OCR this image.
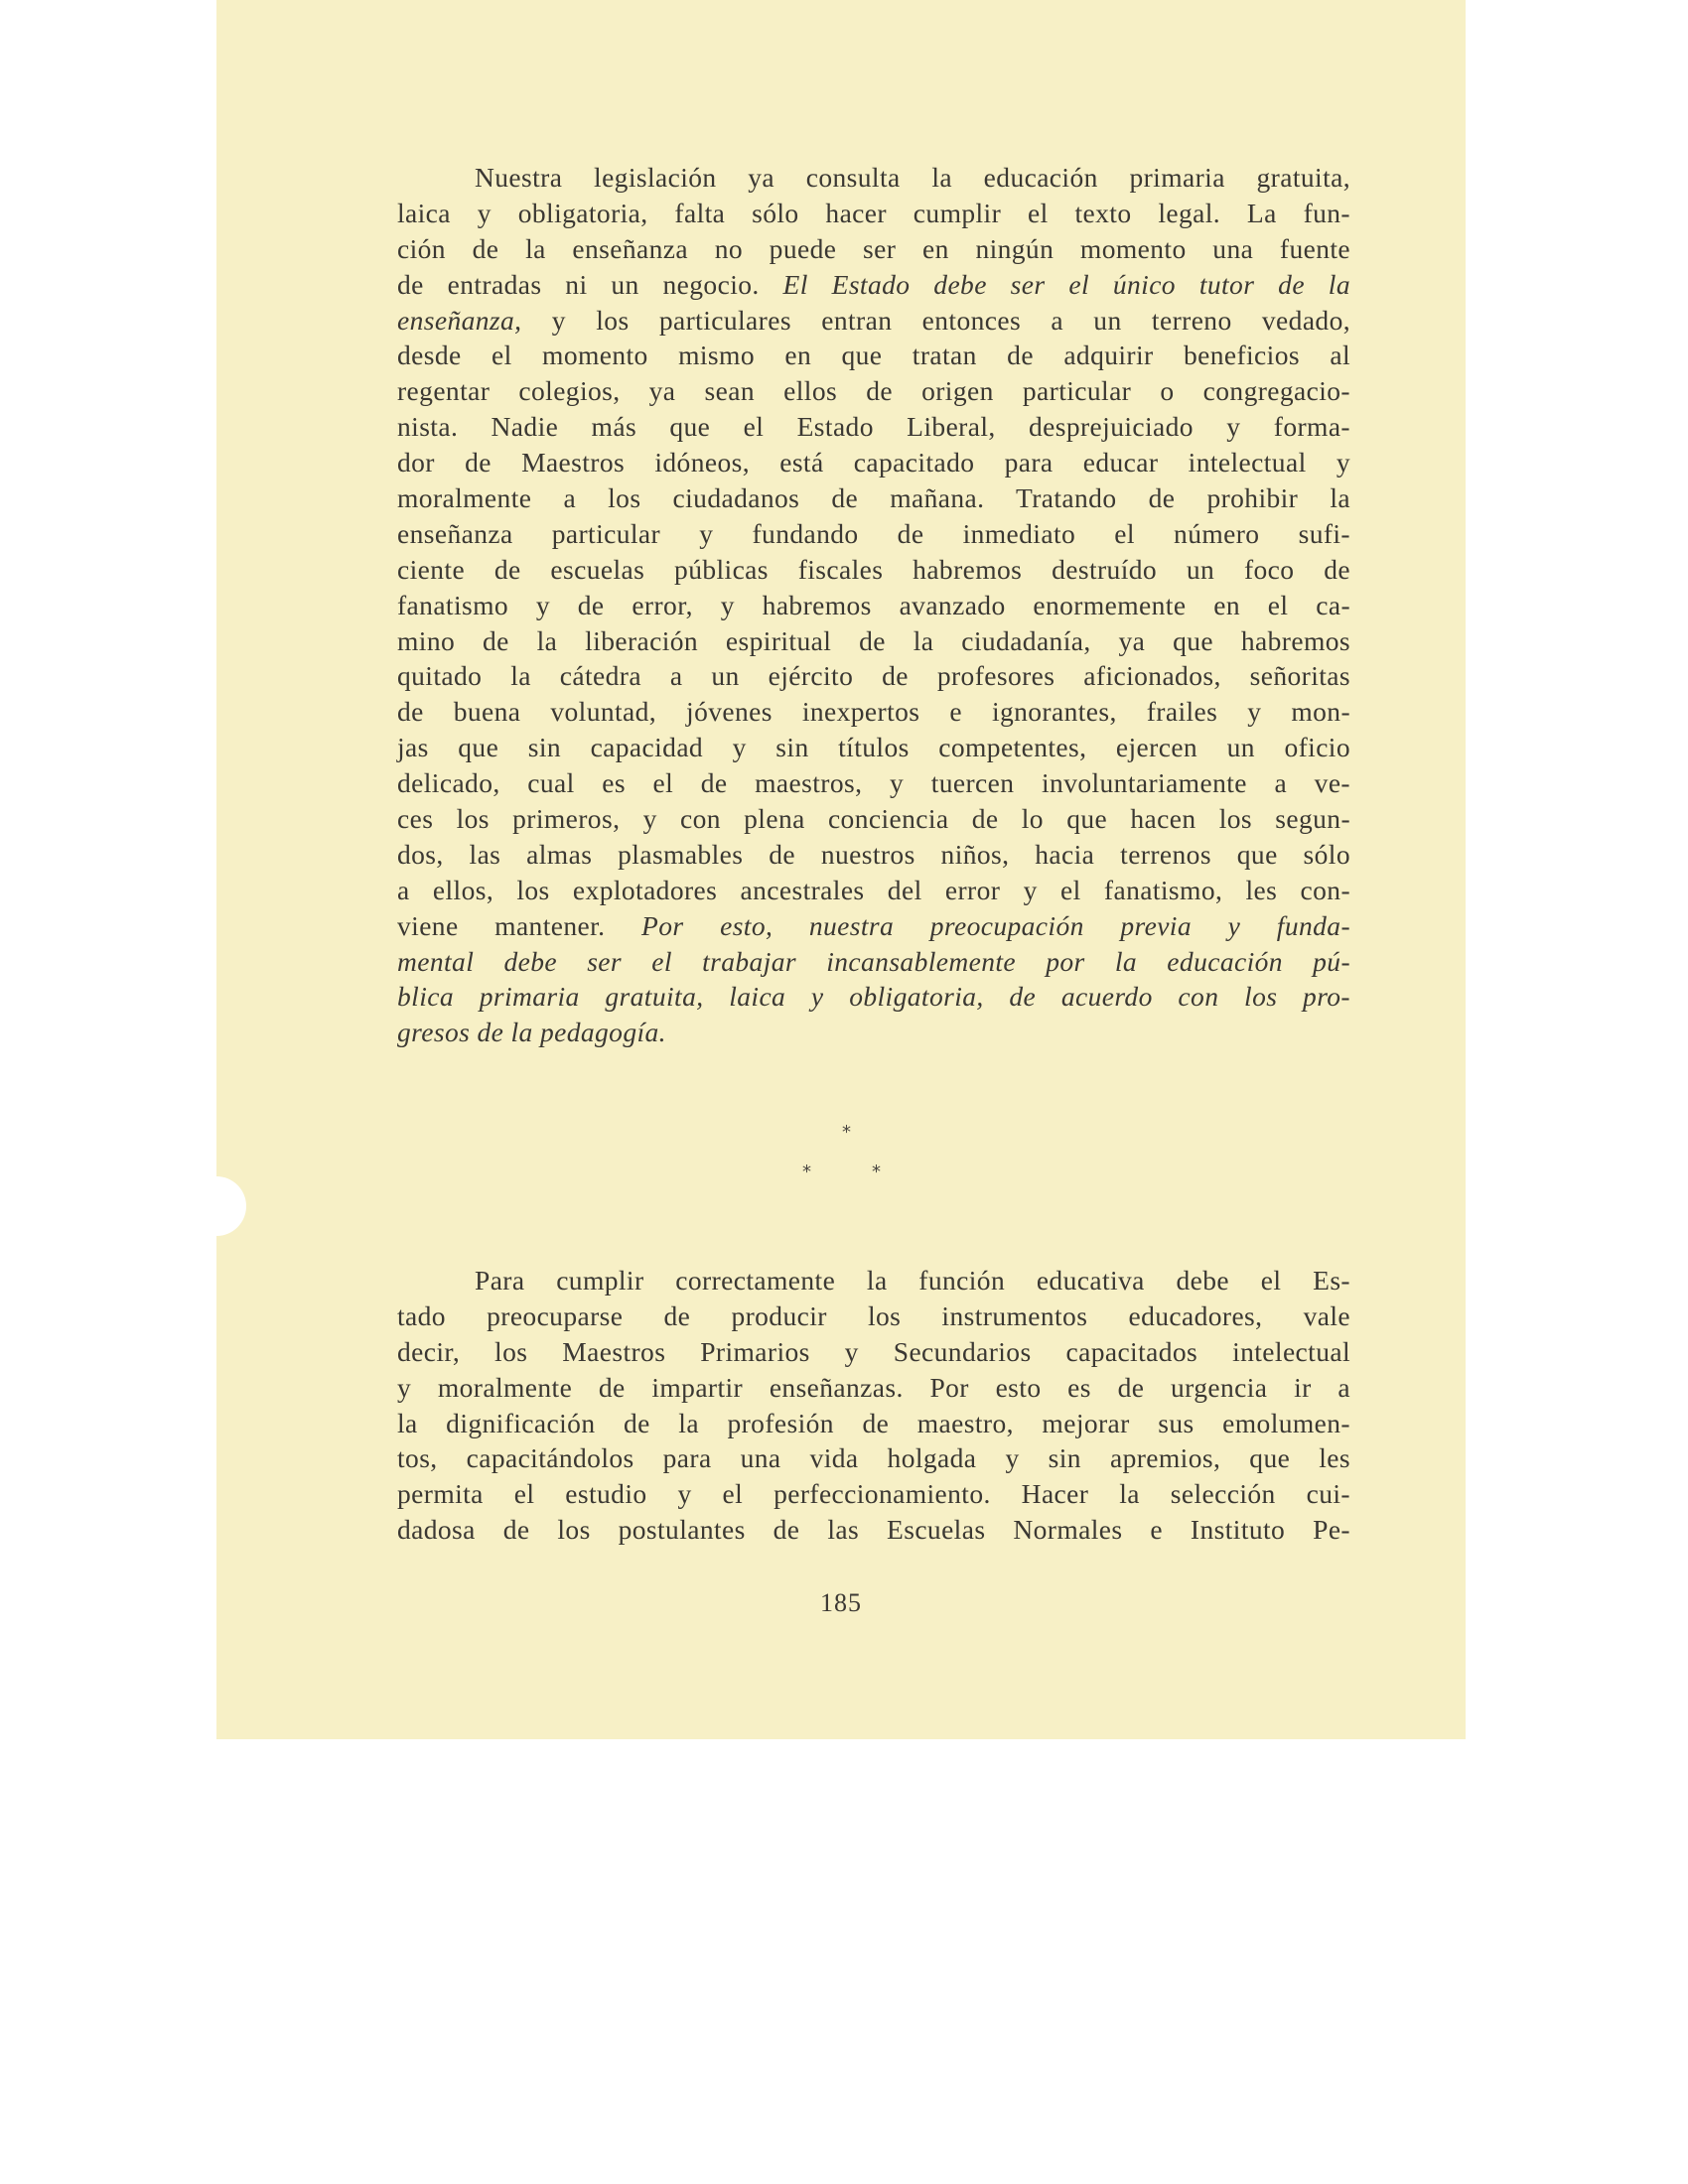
Nuestra legislación ya consulta la educación primaria gratuita,
laica y obligatoria, falta sólo hacer cumplir el texto legal. La fun-
ción de la enseñanza no puede ser en ningún momento una fuente
de entradas ni un negocio. El Estado debe ser el único tutor de la
enseñanza, y los particulares entran entonces a un terreno vedado,
desde el momento mismo en que tratan de adquirir beneficios al
regentar colegios, ya sean ellos de origen particular o congregacio-
nista. Nadie más que el Estado Liberal, desprejuiciado y forma-
dor de Maestros idóneos, está capacitado para educar intelectual y
moralmente a los ciudadanos de mañana. Tratando de prohibir la
enseñanza particular y fundando de inmediato el número sufi-
ciente de escuelas públicas fiscales habremos destruído un foco de
fanatismo y de error, y habremos avanzado enormemente en el ca-
mino de la liberación espiritual de la ciudadanía, ya que habremos
quitado la cátedra a un ejército de profesores aficionados, señoritas
de buena voluntad, jóvenes inexpertos e ignorantes, frailes y mon-
jas que sin capacidad y sin títulos competentes, ejercen un oficio
delicado, cual es el de maestros, y tuercen involuntariamente a ve-
ces los primeros, y con plena conciencia de lo que hacen los segun-
dos, las almas plasmables de nuestros niños, hacia terrenos que sólo
a ellos, los explotadores ancestrales del error y el fanatismo, les con-
viene mantener. Por esto, nuestra preocupación previa y funda-
mental debe ser el trabajar incansablemente por la educación pú-
blica primaria gratuita, laica y obligatoria, de acuerdo con los pro-
gresos de la pedagogía.
*
*	*
Para cumplir correctamente la función educativa debe el Es-
tado preocuparse de producir los instrumentos educadores, vale
decir, los Maestros Primarios y Secundarios capacitados intelectual
y moralmente de impartir enseñanzas. Por esto es de urgencia ir a
la dignificación de la profesión de maestro, mejorar sus emolumen-
tos, capacitándolos para una vida holgada y sin apremios, que les
permita el estudio y el perfeccionamiento. Hacer la selección cui-
dadosa de los postulantes de las Escuelas Normales e Instituto Pe-
185
